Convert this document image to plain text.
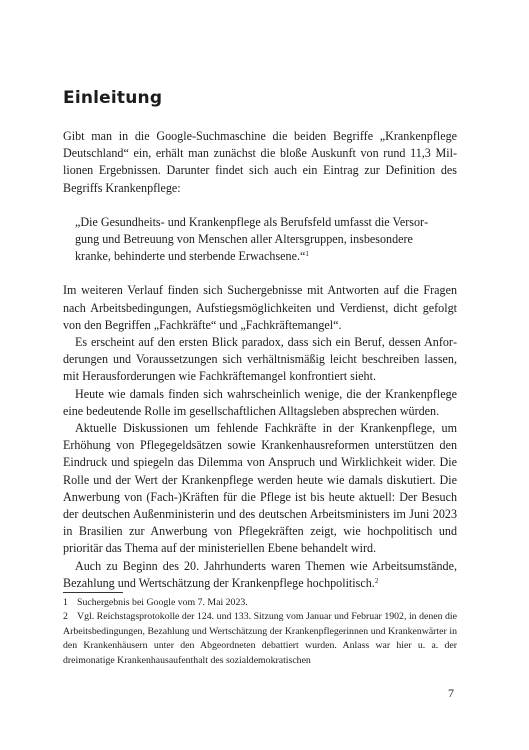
Einleitung

Gibt man in die Google-Suchmaschine die beiden Begriffe „Krankenpflege Deutschland“ ein, erhält man zunächst die bloße Auskunft von rund 11,3 Millionen Ergebnissen. Darunter findet sich auch ein Eintrag zur Definition des Begriffs Krankenpflege:

„Die Gesundheits- und Krankenpflege als Berufsfeld umfasst die Versorgung und Betreuung von Menschen aller Altersgruppen, insbesondere kranke, behinderte und sterbende Erwachsene.“$^1$

Im weiteren Verlauf finden sich Suchergebnisse mit Antworten auf die Fragen nach Arbeitsbedingungen, Aufstiegsmöglichkeiten und Verdienst, dicht gefolgt von den Begriffen „Fachkräfte“ und „Fachkräftemangel“.

Es erscheint auf den ersten Blick paradox, dass sich ein Beruf, dessen Anforderungen und Voraussetzungen sich verhältnismäßig leicht beschreiben lassen, mit Herausforderungen wie Fachkräftemangel konfrontiert sieht.

Heute wie damals finden sich wahrscheinlich wenige, die der Krankenpflege eine bedeutende Rolle im gesellschaftlichen Alltagsleben absprechen würden.

Aktuelle Diskussionen um fehlende Fachkräfte in der Krankenpflege, um Erhöhung von Pflegegeldsätzen sowie Krankenhausreformen unterstützen den Eindruck und spiegeln das Dilemma von Anspruch und Wirklichkeit wider. Die Rolle und der Wert der Krankenpflege werden heute wie damals diskutiert. Die Anwerbung von (Fach-)Kräften für die Pflege ist bis heute aktuell: Der Besuch der deutschen Außenministerin und des deutschen Arbeitsministers im Juni 2023 in Brasilien zur Anwerbung von Pflegekräften zeigt, wie hochpolitisch und prioritär das Thema auf der ministeriellen Ebene behandelt wird.

Auch zu Beginn des 20. Jahrhunderts waren Themen wie Arbeitsumstände, Bezahlung und Wertschätzung der Krankenpflege hochpolitisch.$^2$

1 Suchergebnis bei Google vom 7. Mai 2023.
2 Vgl. Reichstagsprotokolle der 124. und 133. Sitzung vom Januar und Februar 1902, in denen die Arbeitsbedingungen, Bezahlung und Wertschätzung der Krankenpflegerinnen und Krankenwärter in den Krankenhäusern unter den Abgeordneten debattiert wurden. Anlass war hier u. a. der dreimonatige Krankenhausaufenthalt des sozialdemokratischen
7
